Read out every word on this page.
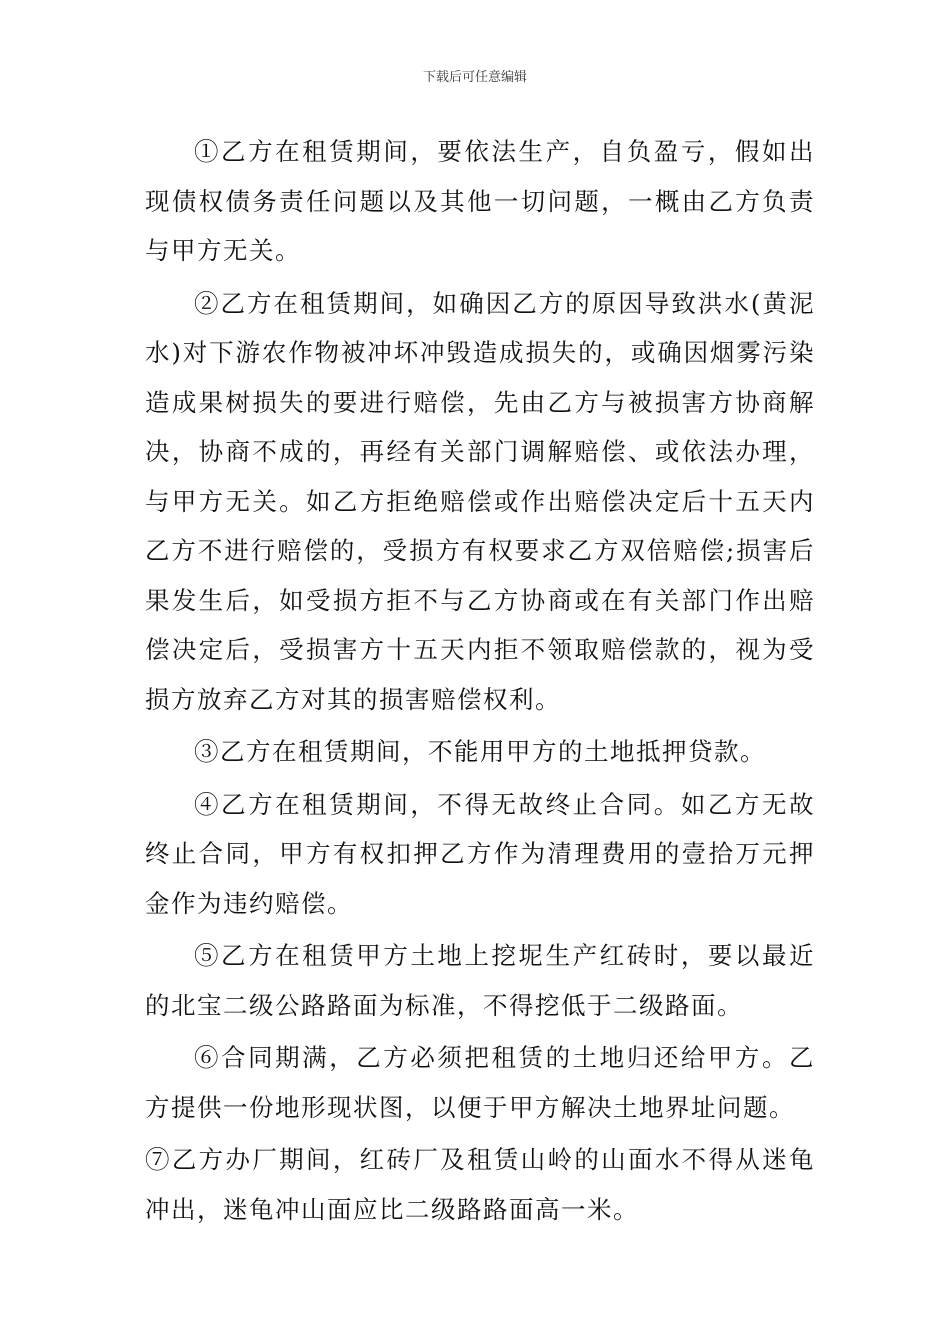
下载后可任意编辑

①乙方在租赁期间，要依法生产，自负盈亏，假如出现债权债务责任问题以及其他一切问题，一概由乙方负责与甲方无关。

②乙方在租赁期间，如确因乙方的原因导致洪水(黄泥水)对下游农作物被冲坏冲毁造成损失的，或确因烟雾污染造成果树损失的要进行赔偿，先由乙方与被损害方协商解决，协商不成的，再经有关部门调解赔偿、或依法办理，与甲方无关。如乙方拒绝赔偿或作出赔偿决定后十五天内乙方不进行赔偿的，受损方有权要求乙方双倍赔偿;损害后果发生后，如受损方拒不与乙方协商或在有关部门作出赔偿决定后，受损害方十五天内拒不领取赔偿款的，视为受损方放弃乙方对其的损害赔偿权利。

③乙方在租赁期间，不能用甲方的土地抵押贷款。

④乙方在租赁期间，不得无故终止合同。如乙方无故终止合同，甲方有权扣押乙方作为清理费用的壹拾万元押金作为违约赔偿。

⑤乙方在租赁甲方土地上挖坭生产红砖时，要以最近的北宝二级公路路面为标准，不得挖低于二级路面。

⑥合同期满，乙方必须把租赁的土地归还给甲方。乙方提供一份地形现状图，以便于甲方解决土地界址问题。

⑦乙方办厂期间，红砖厂及租赁山岭的山面水不得从迷龟冲出，迷龟冲山面应比二级路路面高一米。
